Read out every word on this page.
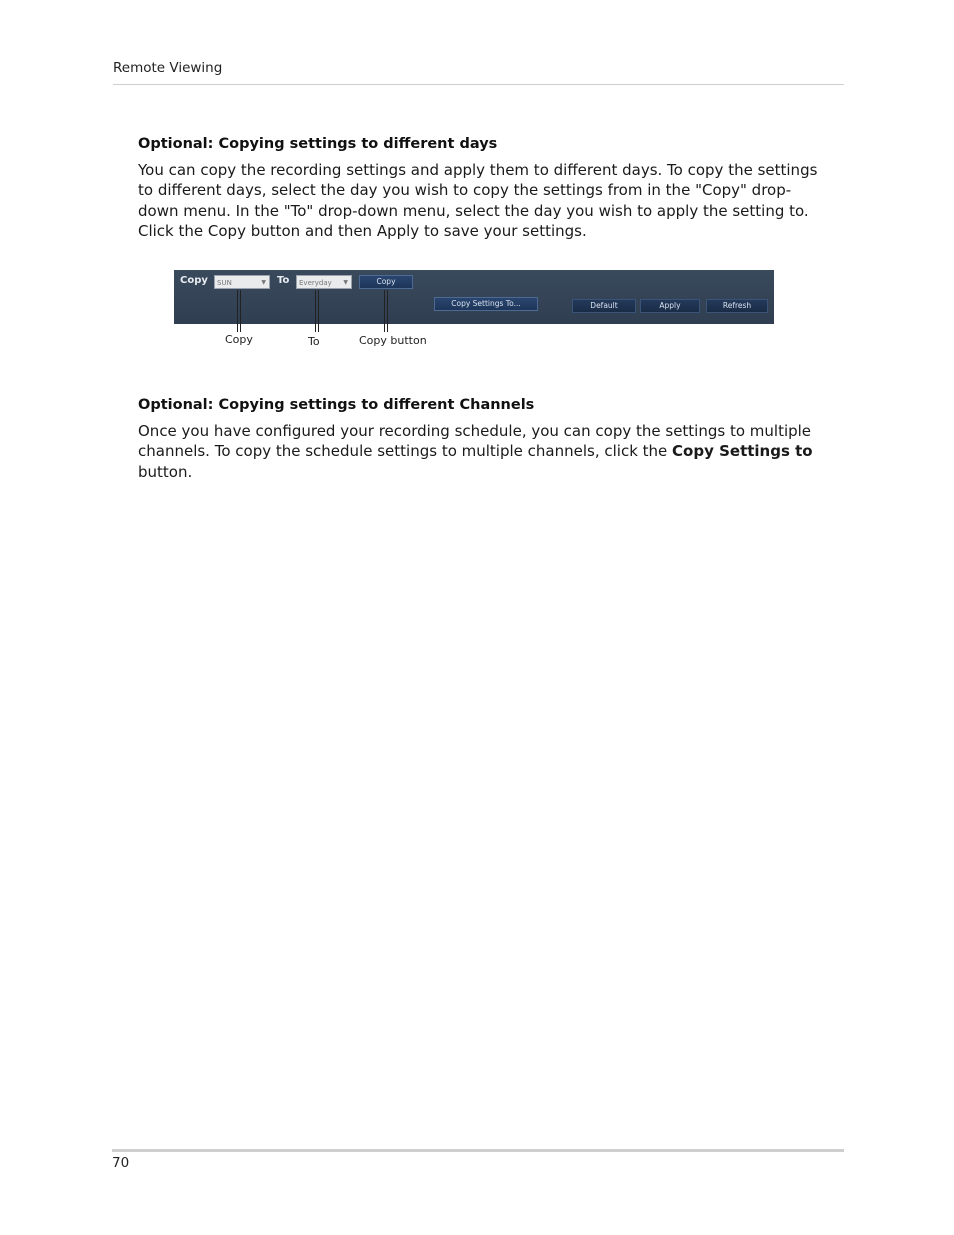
Remote Viewing
Optional: Copying settings to different days
You can copy the recording settings and apply them to different days. To copy the settings to different days, select the day you wish to copy the settings from in the "Copy" drop-down menu. In the "To" drop-down menu, select the day you wish to apply the setting to. Click the Copy button and then Apply to save your settings.
Copy	SUN	▼ To	Everyday ▼	Copy
Copy Settings To...	Default	Apply	Refresh
Copy	To	Copy button
Optional: Copying settings to different Channels
Once you have configured your recording schedule, you can copy the settings to multiple channels. To copy the schedule settings to multiple channels, click the Copy Settings to button.
70
